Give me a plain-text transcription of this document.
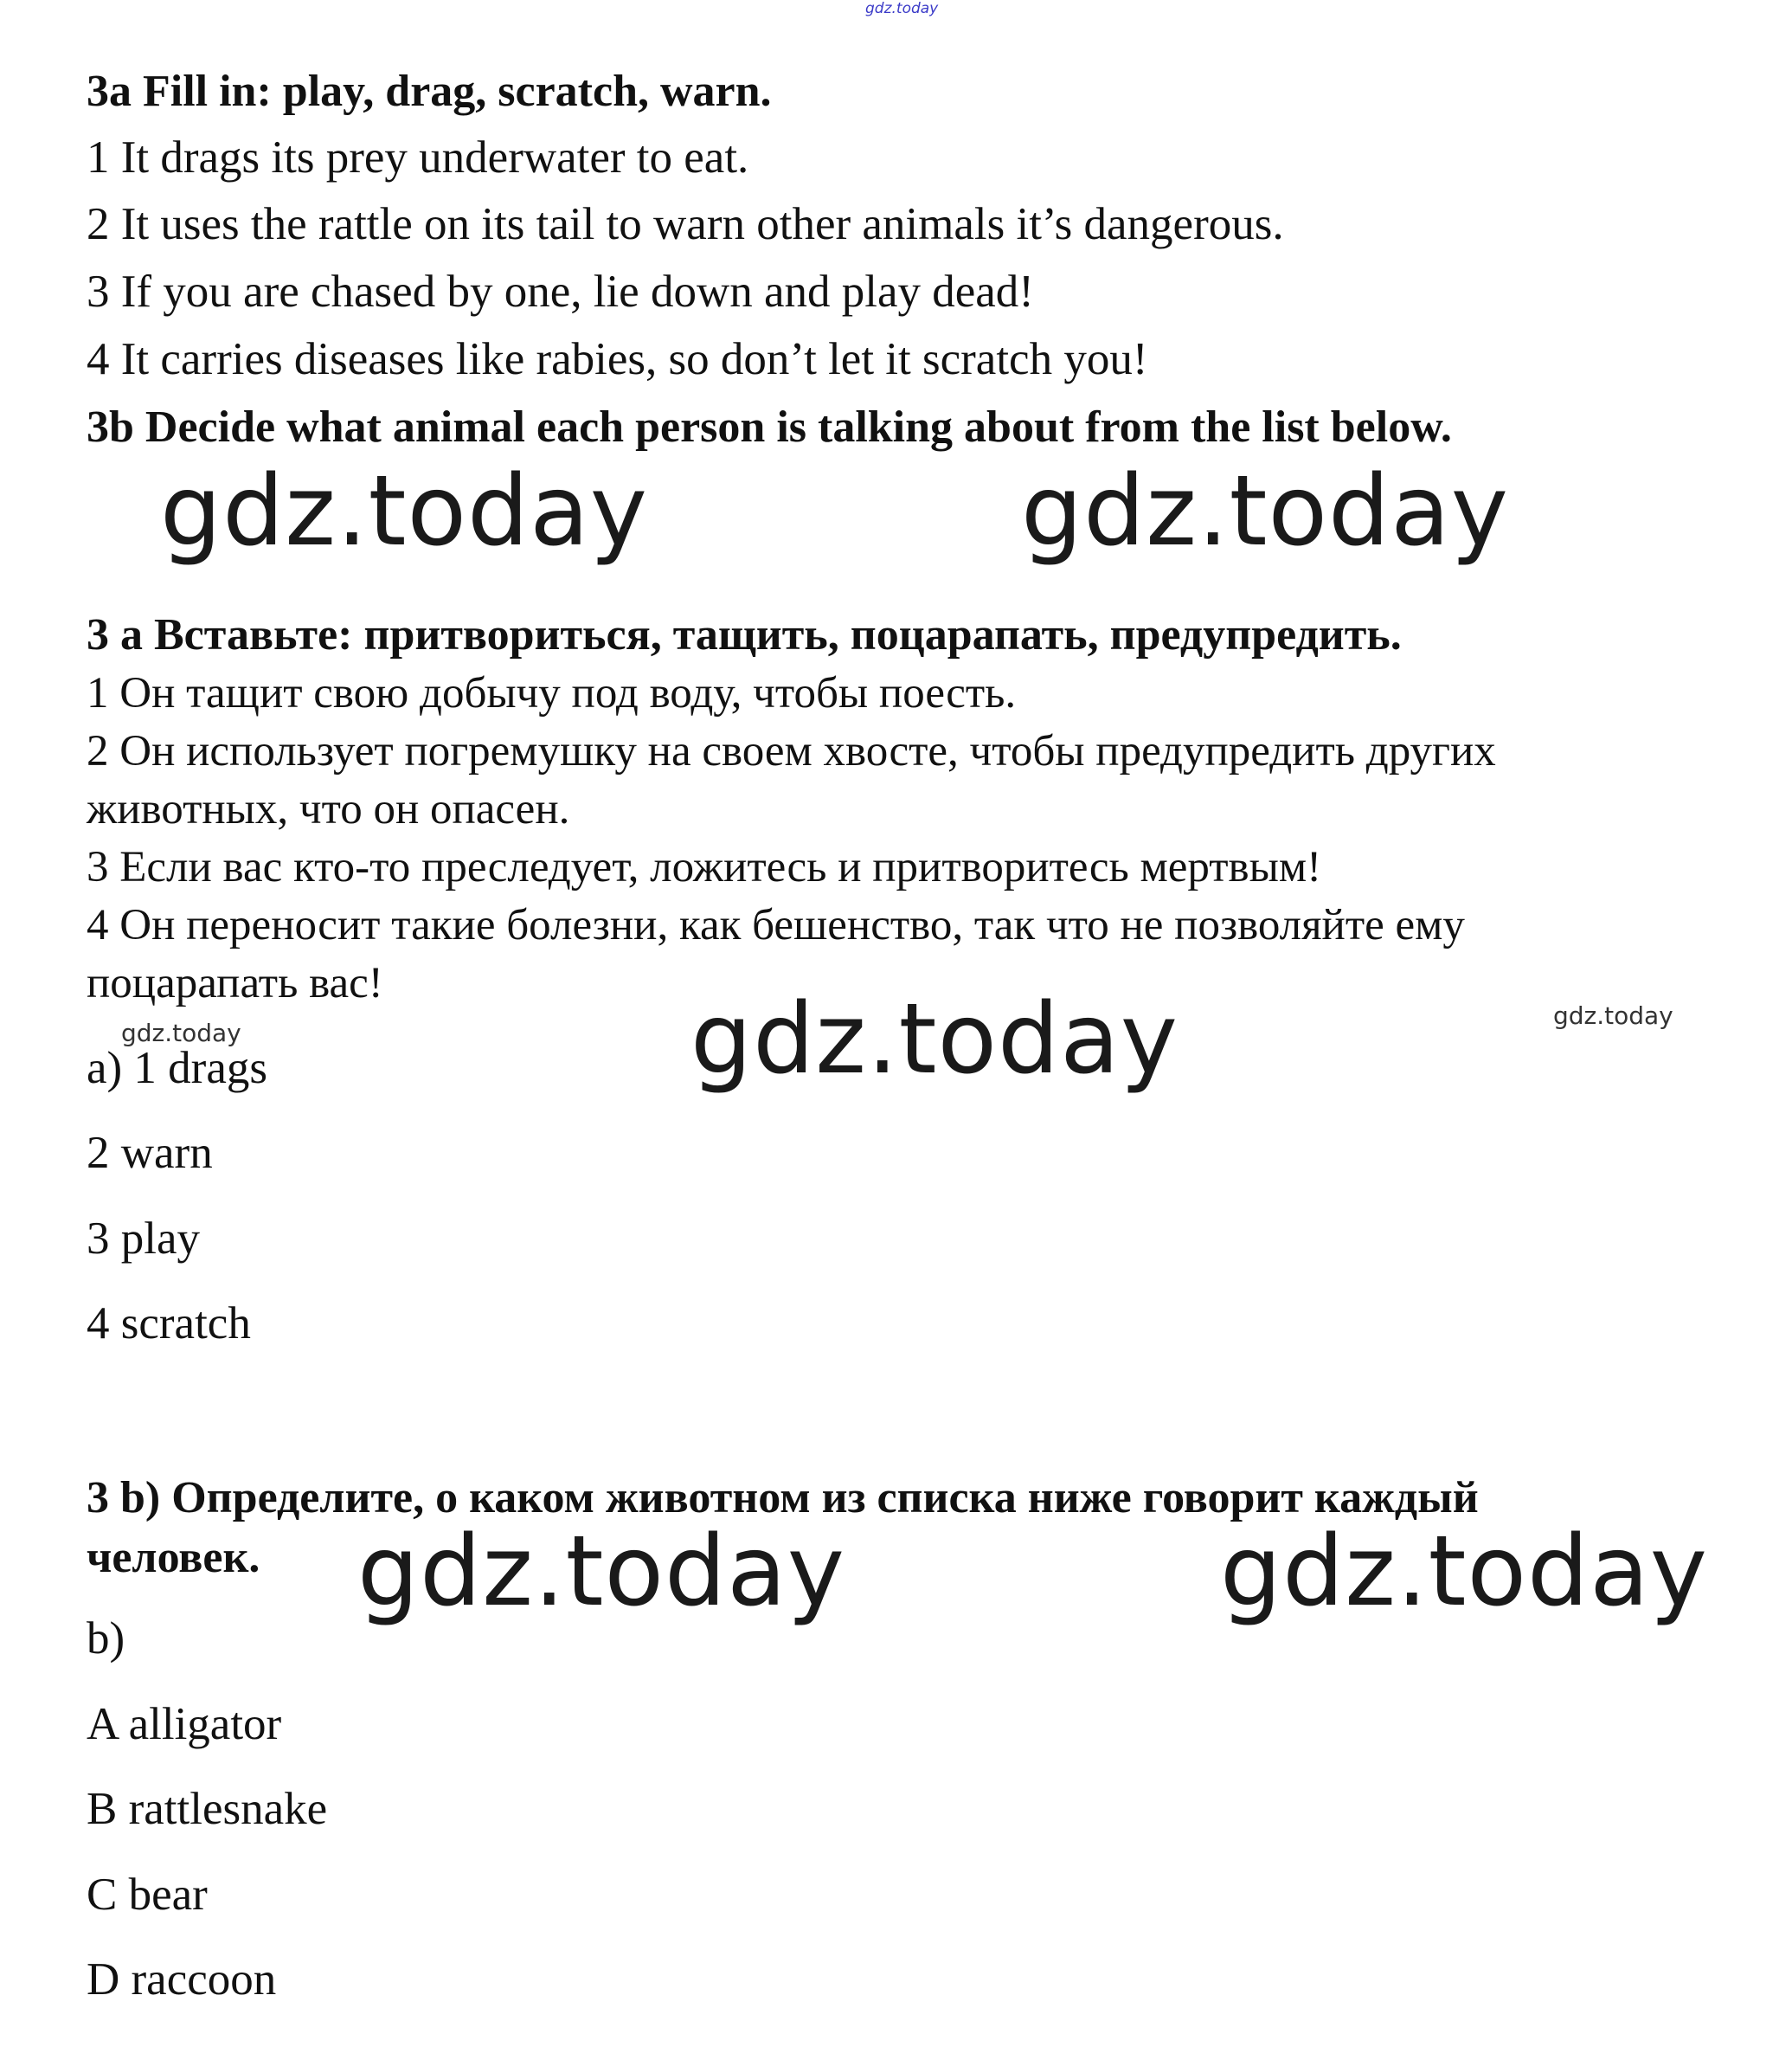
gdz.today

3a Fill in: play, drag, scratch, warn.

1 It drags its prey underwater to eat.

2 It uses the rattle on its tail to warn other animals it’s dangerous.

3 If you are chased by one, lie down and play dead!

4 It carries diseases like rabies, so don’t let it scratch you!

3b Decide what animal each person is talking about from the list below.

gdz.today	gdz.today

3 а Вставьте: притвориться, тащить, поцарапать, предупредить.

1 Он тащит свою добычу под воду, чтобы поесть.

2 Он использует погремушку на своем хвосте, чтобы предупредить других

животных, что он опасен.

3 Если вас кто-то преследует, ложитесь и притворитесь мертвым!

4 Он переносит такие болезни, как бешенство, так что не позволяйте ему

поцарапать вас!

gdz.today

gdz.today

gdz.today

a) 1 drags

2 warn

3 play

4 scratch

3 b) Определите, о каком животном из списка ниже говорит каждый

человек. gdz.today	gdz.today

b)

A alligator

B rattlesnake

C bear

D raccoon
